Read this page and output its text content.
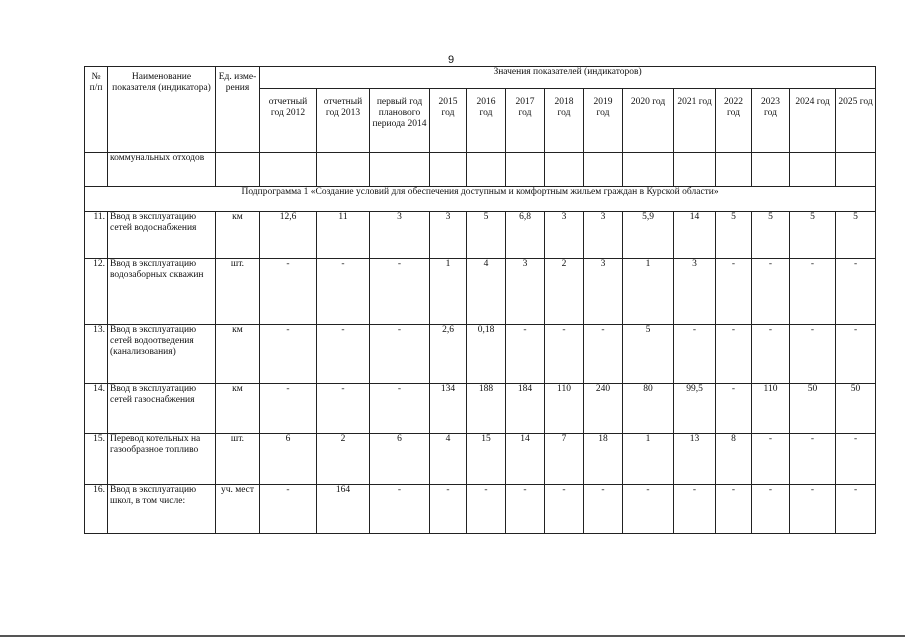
9
№ п/п	Наименование показателя (индикатора)	Ед. изме-рения	Значения показателей (индикаторов)													
			отчетный год 2012	отчетный год 2013	первый год планового периода 2014	2015 год	2016 год	2017 год	2018 год	2019 год	2020 год	2021 год	2022 год	2023 год	2024 год	2025 год
	коммунальных отходов															
Подпрограмма 1 «Создание условий для обеспечения доступным и комфортным жильем граждан в Курской области»																
11.	Ввод в эксплуатацию сетей водоснабжения	км	12,6	11	3	3	5	6,8	3	3	5,9	14	5	5	5	5
12.	Ввод в эксплуатацию водозаборных скважин	шт.	-	-	-	1	4	3	2	3	1	3	-	-	-	-
13.	Ввод в эксплуатацию сетей водоотведения (канализования)	км	-	-	-	2,6	0,18	-	-	-	5	-	-	-	-	-
14.	Ввод в эксплуатацию сетей газоснабжения	км	-	-	-	134	188	184	110	240	80	99,5	-	110	50	50
15.	Перевод котельных на газообразное топливо	шт.	6	2	6	4	15	14	7	18	1	13	8	-	-	-
16.	Ввод в эксплуатацию школ, в том числе:	уч. мест	-	164	-	-	-	-	-	-	-	-	-	-	-	-
